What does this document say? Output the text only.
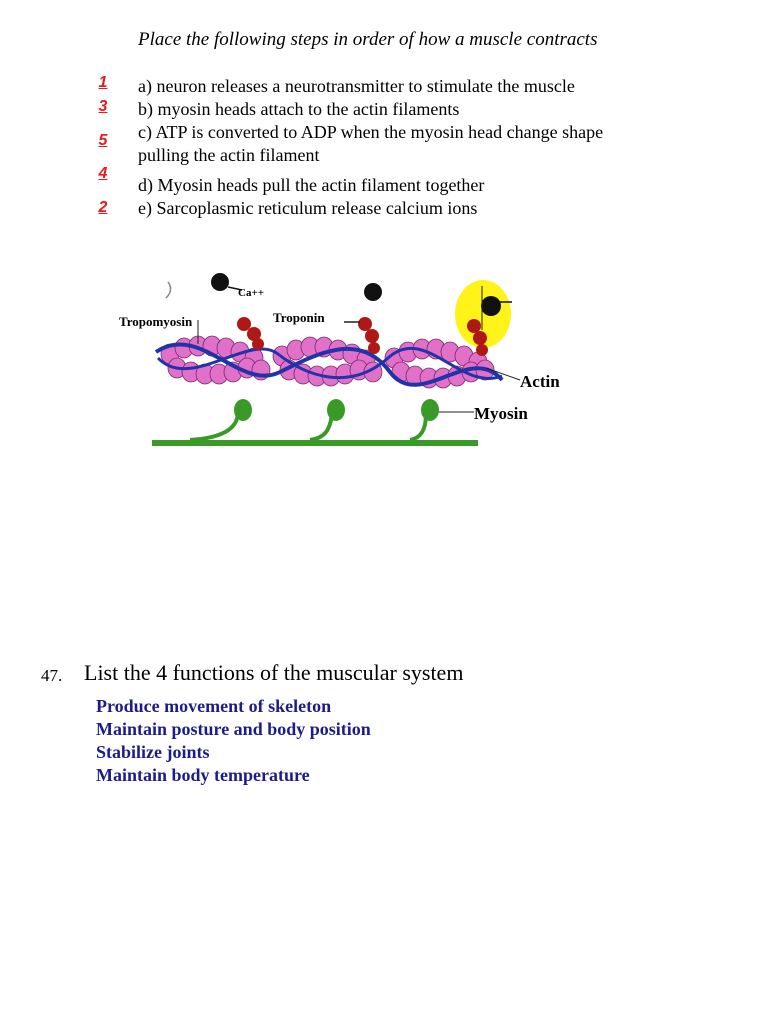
Place the following steps in order of how a muscle contracts
1 a) neuron releases a neurotransmitter to stimulate the muscle
3 b) myosin heads attach to the actin filaments
5 c) ATP is converted to ADP when the myosin head change shape
pulling the actin filament
4
d) Myosin heads pull the actin filament together
2 e) Sarcoplasmic reticulum release calcium ions
Ca++
Tropomyosin	Troponin
Actin
Myosin
47. List the 4 functions of the muscular system
Produce movement of skeleton
Maintain posture and body position
Stabilize joints
Maintain body temperature
